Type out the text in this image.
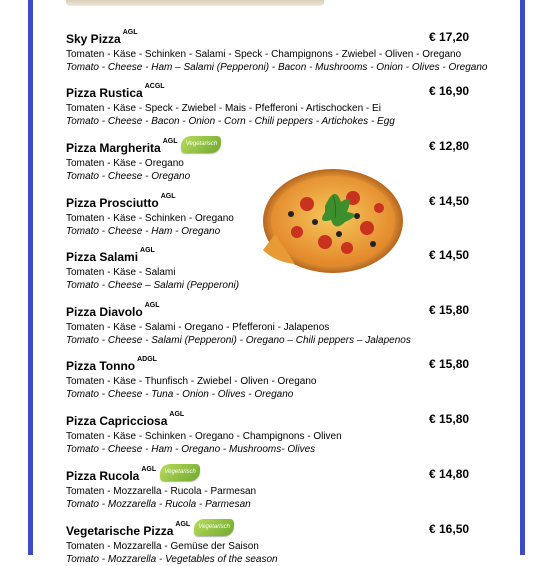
Sky Pizza $^{AGL}$
Tomaten - Käse - Schinken - Salami - Speck - Champignons - Zwiebel - Oliven - Oregano
Tomato - Cheese - Ham – Salami (Pepperoni) - Bacon - Mushrooms - Onion - Olives - Oregano
€ 17,20
Pizza Rustica $^{ACGL}$
Tomaten - Käse - Speck - Zwiebel - Mais - Pfefferoni - Artischocken - Ei
Tomato - Cheese - Bacon - Onion - Corn - Chili peppers - Artichokes - Egg
€ 16,90
Pizza Margherita $^{AGL}$ Vegetarisch
Tomaten - Käse - Oregano
Tomato - Cheese - Oregano
€ 12,80
Pizza Prosciutto $^{AGL}$
Tomaten - Käse - Schinken - Oregano
Tomato - Cheese - Ham - Oregano
€ 14,50
Pizza Salami $^{AGL}$
Tomaten - Käse - Salami
Tomato - Cheese – Salami (Pepperoni)
€ 14,50
Pizza Diavolo $^{AGL}$
Tomaten - Käse - Salami - Oregano - Pfefferoni - Jalapenos
Tomato - Cheese - Salami (Pepperoni) - Oregano – Chili peppers – Jalapenos
€ 15,80
Pizza Tonno $^{ADGL}$
Tomaten - Käse - Thunfisch - Zwiebel - Oliven - Oregano
Tomato - Cheese - Tuna - Onion - Olives - Oregano
€ 15,80
Pizza Capricciosa $^{AGL}$
Tomaten - Käse - Schinken - Oregano - Champignons - Oliven
Tomato - Cheese - Ham - Oregano - Mushrooms- Olives
€ 15,80
Pizza Rucola $^{AGL}$ Vegetarisch
Tomaten - Mozzarella - Rucola - Parmesan
Tomato - Mozzarella - Rucola - Parmesan
€ 14,80
Vegetarische Pizza $^{AGL}$ Vegetarisch
Tomaten - Mozzarella - Gemüse der Saison
Tomato - Mozzarella - Vegetables of the season
€ 16,50
